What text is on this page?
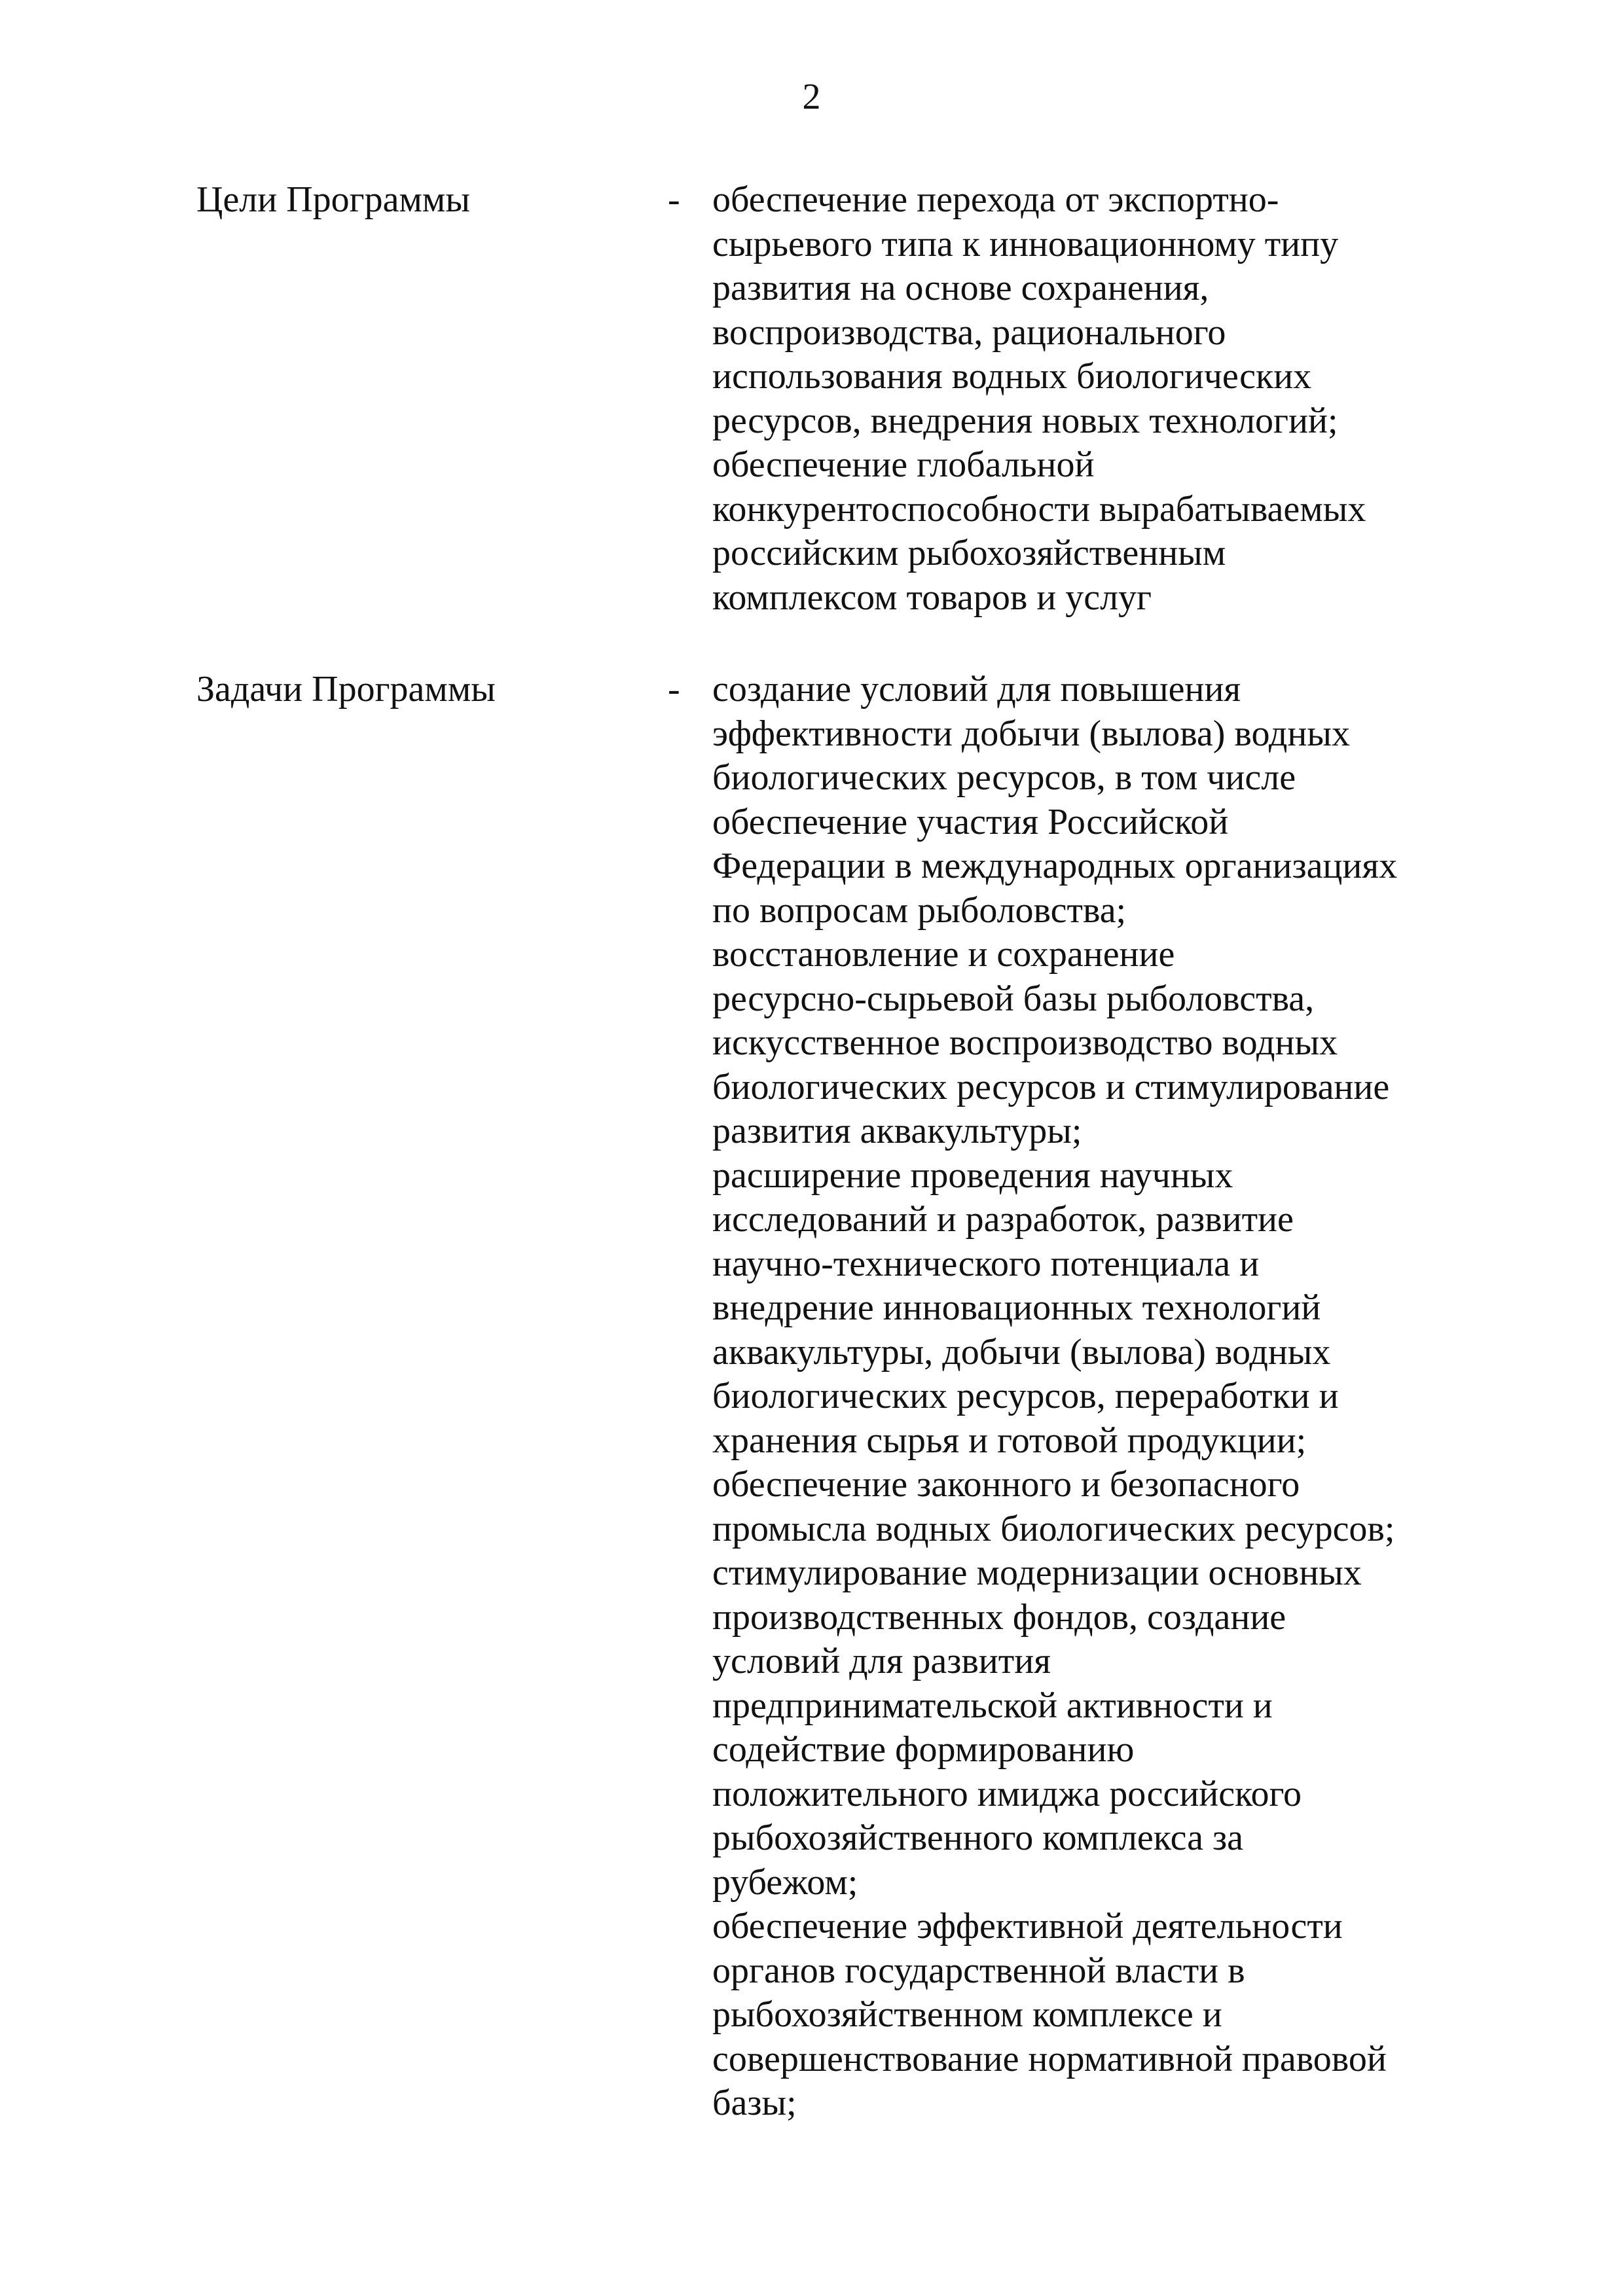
2
Цели Программы	- обеспечение перехода от экспортно-
сырьевого типа к инновационному типу
развития на основе сохранения,
воспроизводства, рационального
использования водных биологических
ресурсов, внедрения новых технологий;
обеспечение глобальной
конкурентоспособности вырабатываемых
российским рыбохозяйственным
комплексом товаров и услуг
Задачи Программы	- создание условий для повышения
эффективности добычи (вылова) водных
биологических ресурсов, в том числе
обеспечение участия Российской
Федерации в международных организациях
по вопросам рыболовства;
восстановление и сохранение
ресурсно-сырьевой базы рыболовства,
искусственное воспроизводство водных
биологических ресурсов и стимулирование
развития аквакультуры;
расширение проведения научных
исследований и разработок, развитие
научно-технического потенциала и
внедрение инновационных технологий
аквакультуры, добычи (вылова) водных
биологических ресурсов, переработки и
хранения сырья и готовой продукции;
обеспечение законного и безопасного
промысла водных биологических ресурсов;
стимулирование модернизации основных
производственных фондов, создание
условий для развития
предпринимательской активности и
содействие формированию
положительного имиджа российского
рыбохозяйственного комплекса за
рубежом;
обеспечение эффективной деятельности
органов государственной власти в
рыбохозяйственном комплексе и
совершенствование нормативной правовой
базы;
